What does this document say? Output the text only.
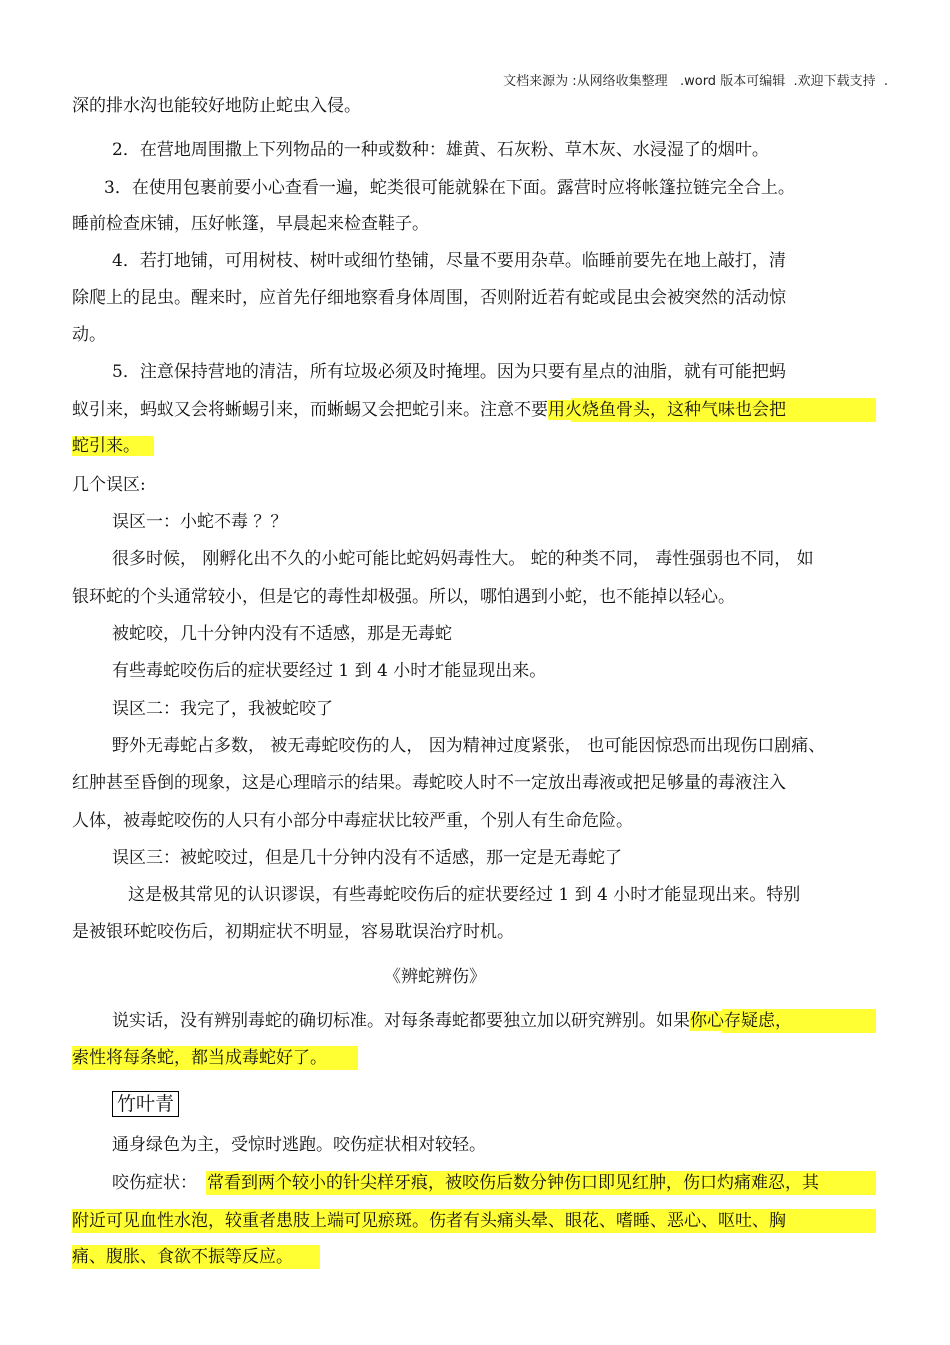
文档来源为 :从网络收集整理   .word 版本可编辑  .欢迎下载支持  .
深的排水沟也能较好地防止蛇虫入侵。
2．在营地周围撒上下列物品的一种或数种：雄黄、石灰粉、草木灰、水浸湿了的烟叶。
3．在使用包裹前要小心查看一遍，蛇类很可能就躲在下面。露营时应将帐篷拉链完全合上。
睡前检查床铺，压好帐篷，早晨起来检查鞋子。
4．若打地铺，可用树枝、树叶或细竹垫铺，尽量不要用杂草。临睡前要先在地上敲打，清
除爬上的昆虫。醒来时，应首先仔细地察看身体周围，否则附近若有蛇或昆虫会被突然的活动惊
动。
5．注意保持营地的清洁，所有垃圾必须及时掩埋。因为只要有星点的油脂，就有可能把蚂
蚁引来，蚂蚁又会将蜥蜴引来，而蜥蜴又会把蛇引来。注意不要用火烧鱼骨头，这种气味也会把
蛇引来。
几个误区:
误区一：小蛇不毒 ？？
很多时候， 刚孵化出不久的小蛇可能比蛇妈妈毒性大。 蛇的种类不同， 毒性强弱也不同， 如
银环蛇的个头通常较小，但是它的毒性却极强。所以，哪怕遇到小蛇，也不能掉以轻心。
被蛇咬，几十分钟内没有不适感，那是无毒蛇
有些毒蛇咬伤后的症状要经过 1 到 4 小时才能显现出来。
误区二：我完了，我被蛇咬了
野外无毒蛇占多数， 被无毒蛇咬伤的人， 因为精神过度紧张， 也可能因惊恐而出现伤口剧痛、
红肿甚至昏倒的现象，这是心理暗示的结果。毒蛇咬人时不一定放出毒液或把足够量的毒液注入
人体，被毒蛇咬伤的人只有小部分中毒症状比较严重，个别人有生命危险。
误区三：被蛇咬过，但是几十分钟内没有不适感，那一定是无毒蛇了
这是极其常见的认识谬误，有些毒蛇咬伤后的症状要经过 1 到 4 小时才能显现出来。特别
是被银环蛇咬伤后，初期症状不明显，容易耽误治疗时机。
《辨蛇辨伤》
说实话，没有辨别毒蛇的确切标准。对每条毒蛇都要独立加以研究辨别。如果你心存疑虑，
索性将每条蛇，都当成毒蛇好了。
竹叶青
通身绿色为主，受惊时逃跑。咬伤症状相对较轻。
咬伤症状： 常看到两个较小的针尖样牙痕，被咬伤后数分钟伤口即见红肿，伤口灼痛难忍，其
附近可见血性水泡，较重者患肢上端可见瘀斑。伤者有头痛头晕、眼花、嗜睡、恶心、呕吐、胸
痛、腹胀、食欲不振等反应。
